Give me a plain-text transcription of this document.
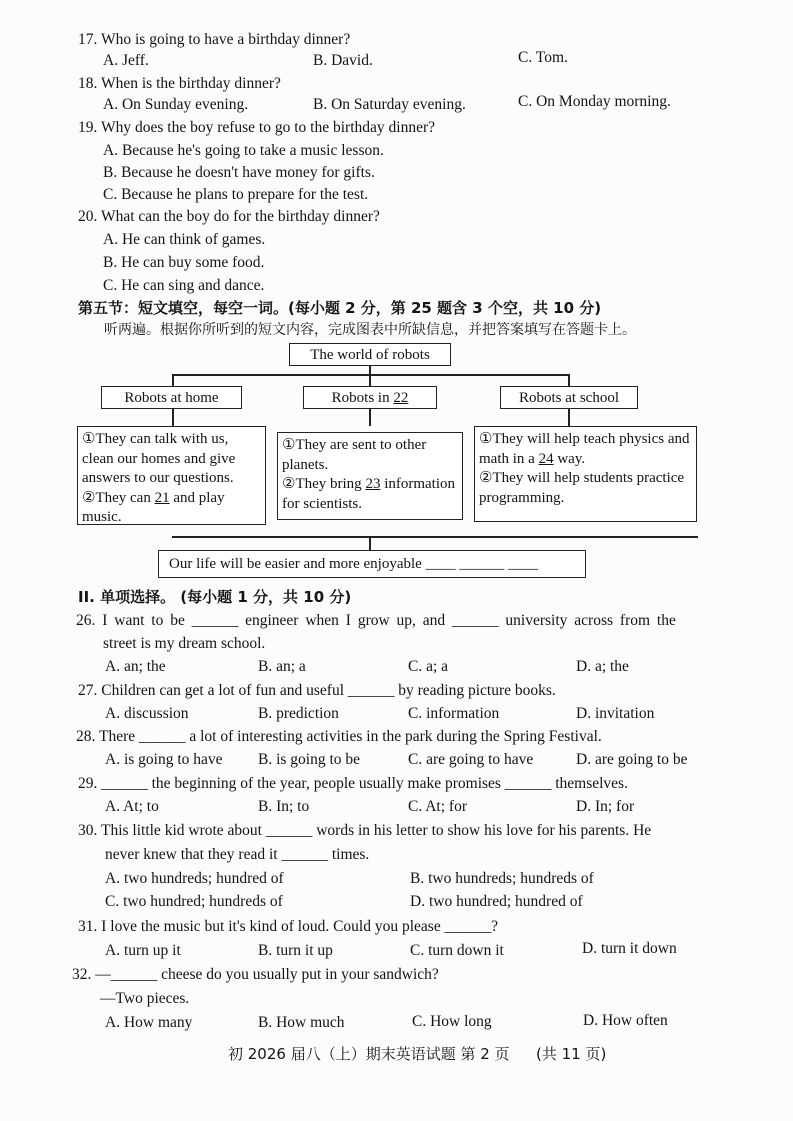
17. Who is going to have a birthday dinner?
A. Jeff.	B. David.	C. Tom.
18. When is the birthday dinner?
A. On Sunday evening.	B. On Saturday evening.	C. On Monday morning.
19. Why does the boy refuse to go to the birthday dinner?
A. Because he's going to take a music lesson.
B. Because he doesn't have money for gifts.
C. Because he plans to prepare for the test.
20. What can the boy do for the birthday dinner?
A. He can think of games.
B. He can buy some food.
C. He can sing and dance.
第五节：短文填空，每空一词。(每小题 2 分，第 25 题含 3 个空，共 10 分)
听两遍。根据你所听到的短文内容，完成图表中所缺信息，并把答案填写在答题卡上。
The world of robots
Robots at home	Robots in
22	Robots at school
①They can talk with us, clean our homes and give answers to our questions.
②They can 21 and play music.
①They are sent to other planets.
②They bring 23 information for scientists.
①They will help teach physics and math in a 24 way.
②They will help students practice programming.
Our life will be easier and more enjoyable ____ ______ ____
II. 单项选择。 (每小题 1 分，共 10 分)
26. I want to be ______ engineer when I grow up, and ______ university across from the
street is my dream school.
A. an; the	B. an; a	C. a; a	D. a; the
27. Children can get a lot of fun and useful ______ by reading picture books.
A. discussion	B. prediction	C. information	D. invitation
28. There ______ a lot of interesting activities in the park during the Spring Festival.
A. is going to have B. is going to be	C. are going to have	D. are going to be
29. ______ the beginning of the year, people usually make promises ______ themselves.
A. At; to	B. In; to	C. At; for	D. In; for
30. This little kid wrote about ______ words in his letter to show his love for his parents. He
never knew that they read it ______ times.
A. two hundreds; hundred of	B. two hundreds; hundreds of
C. two hundred; hundreds of	D. two hundred; hundred of
31. I love the music but it's kind of loud. Could you please ______?
A. turn up it	B. turn it up	C. turn down it	D. turn it down
32. —______ cheese do you usually put in your sandwich?
—Two pieces.
A. How many	B. How much	C. How long	D. How often
初 2026 届八（上）期末英语试题 第 2 页 (共 11 页)
